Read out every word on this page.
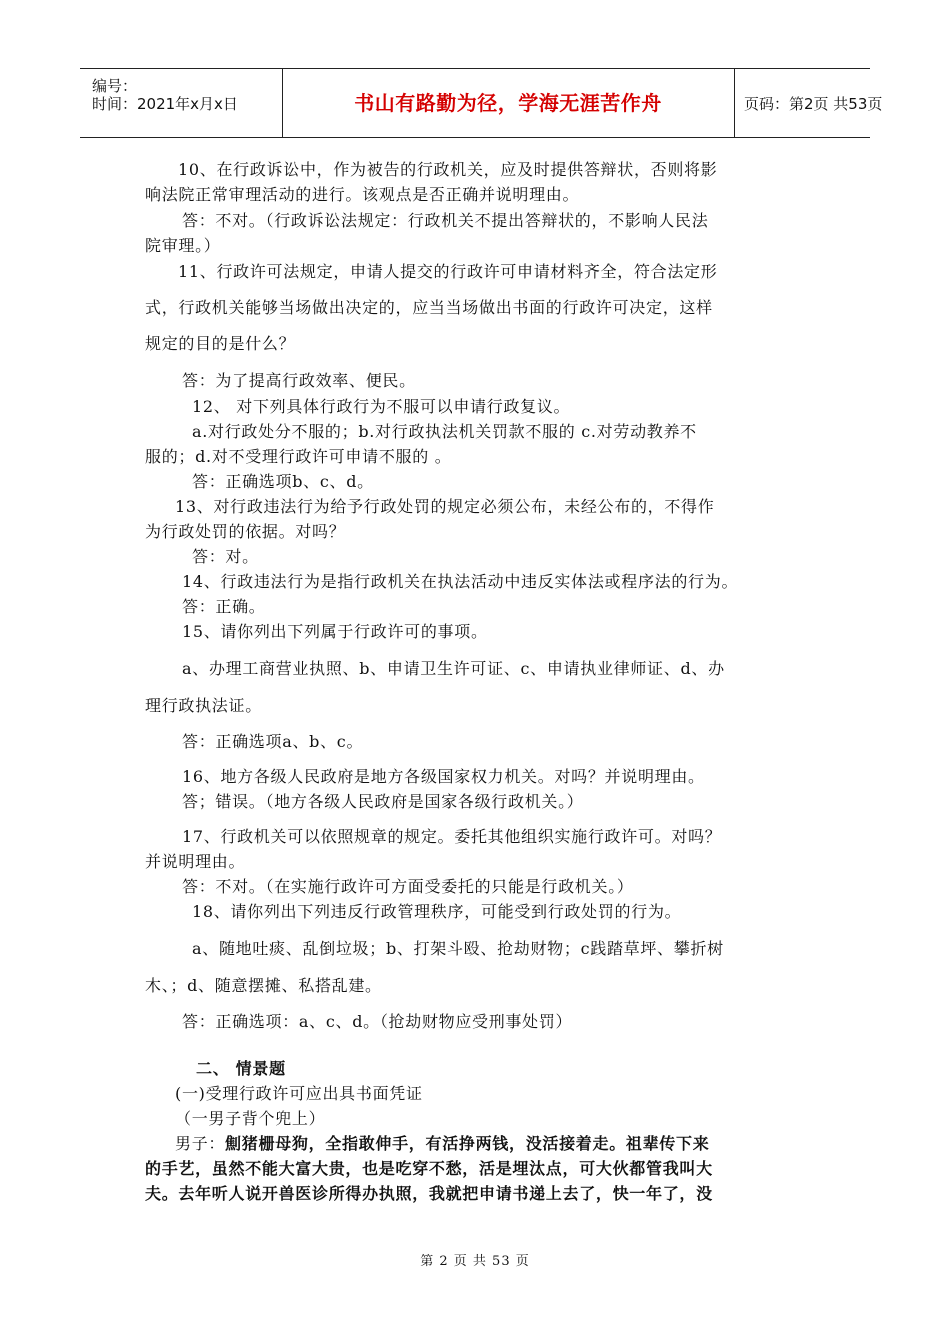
编号：
时间：2021年x月x日	书山有路勤为径，学海无涯苦作舟	页码：第2页 共53页
10、在行政诉讼中，作为被告的行政机关，应及时提供答辩状，否则将影
响法院正常审理活动的进行。该观点是否正确并说明理由。
答：不对。（行政诉讼法规定：行政机关不提出答辩状的，不影响人民法
院审理。）
11、行政许可法规定，申请人提交的行政许可申请材料齐全，符合法定形
式，行政机关能够当场做出决定的，应当当场做出书面的行政许可决定，这样
规定的目的是什么？
答：为了提高行政效率、便民。
12、 对下列具体行政行为不服可以申请行政复议。
a.对行政处分不服的；b.对行政执法机关罚款不服的 c.对劳动教养不
服的；d.对不受理行政许可申请不服的 。
答：正确选项b、c、d。
13、对行政违法行为给予行政处罚的规定必须公布，未经公布的，不得作
为行政处罚的依据。对吗？
答：对。
14、行政违法行为是指行政机关在执法活动中违反实体法或程序法的行为。
答：正确。
15、请你列出下列属于行政许可的事项。
a、办理工商营业执照、b、申请卫生许可证、c、申请执业律师证、d、办
理行政执法证。
答：正确选项a、b、c。
16、地方各级人民政府是地方各级国家权力机关。对吗？并说明理由。
答；错误。（地方各级人民政府是国家各级行政机关。）
17、行政机关可以依照规章的规定。委托其他组织实施行政许可。对吗？
并说明理由。
答：不对。（在实施行政许可方面受委托的只能是行政机关。）
18、请你列出下列违反行政管理秩序，可能受到行政处罚的行为。
a、随地吐痰、乱倒垃圾；b、打架斗殴、抢劫财物；c践踏草坪、攀折树
木、；d、随意摆摊、私搭乱建。
答：正确选项：a、c、d。（抢劫财物应受刑事处罚）
二、 情景题
(一)受理行政许可应出具书面凭证
（一男子背个兜上）
男子：劁猪栅母狗，全指敢伸手，有活挣两钱，没活接着走。祖辈传下来
的手艺，虽然不能大富大贵，也是吃穿不愁，活是埋汰点，可大伙都管我叫大
夫。去年听人说开兽医诊所得办执照，我就把申请书递上去了，快一年了，没
第 2 页 共 53 页
